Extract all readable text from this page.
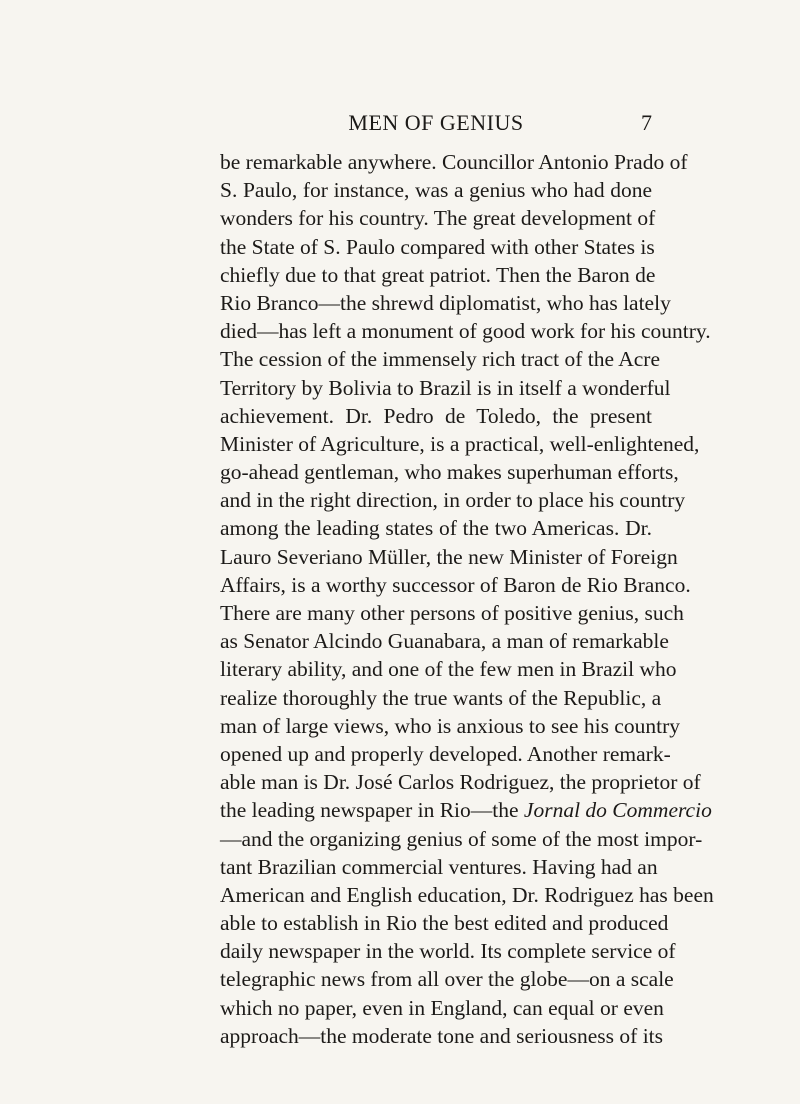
MEN OF GENIUS	7
be remarkable anywhere. Councillor Antonio Prado of
S. Paulo, for instance, was a genius who had done
wonders for his country. The great development of
the State of S. Paulo compared with other States is
chiefly due to that great patriot. Then the Baron de
Rio Branco—the shrewd diplomatist, who has lately
died—has left a monument of good work for his country.
The cession of the immensely rich tract of the Acre
Territory by Bolivia to Brazil is in itself a wonderful
achievement. Dr. Pedro de Toledo, the present
Minister of Agriculture, is a practical, well-enlightened,
go-ahead gentleman, who makes superhuman efforts,
and in the right direction, in order to place his country
among the leading states of the two Americas. Dr.
Lauro Severiano Müller, the new Minister of Foreign
Affairs, is a worthy successor of Baron de Rio Branco.
There are many other persons of positive genius, such
as Senator Alcindo Guanabara, a man of remarkable
literary ability, and one of the few men in Brazil who
realize thoroughly the true wants of the Republic, a
man of large views, who is anxious to see his country
opened up and properly developed. Another remark-
able man is Dr. José Carlos Rodriguez, the proprietor of
the leading newspaper in Rio—the Jornal do Commercio
—and the organizing genius of some of the most impor-
tant Brazilian commercial ventures. Having had an
American and English education, Dr. Rodriguez has been
able to establish in Rio the best edited and produced
daily newspaper in the world. Its complete service of
telegraphic news from all over the globe—on a scale
which no paper, even in England, can equal or even
approach—the moderate tone and seriousness of its
